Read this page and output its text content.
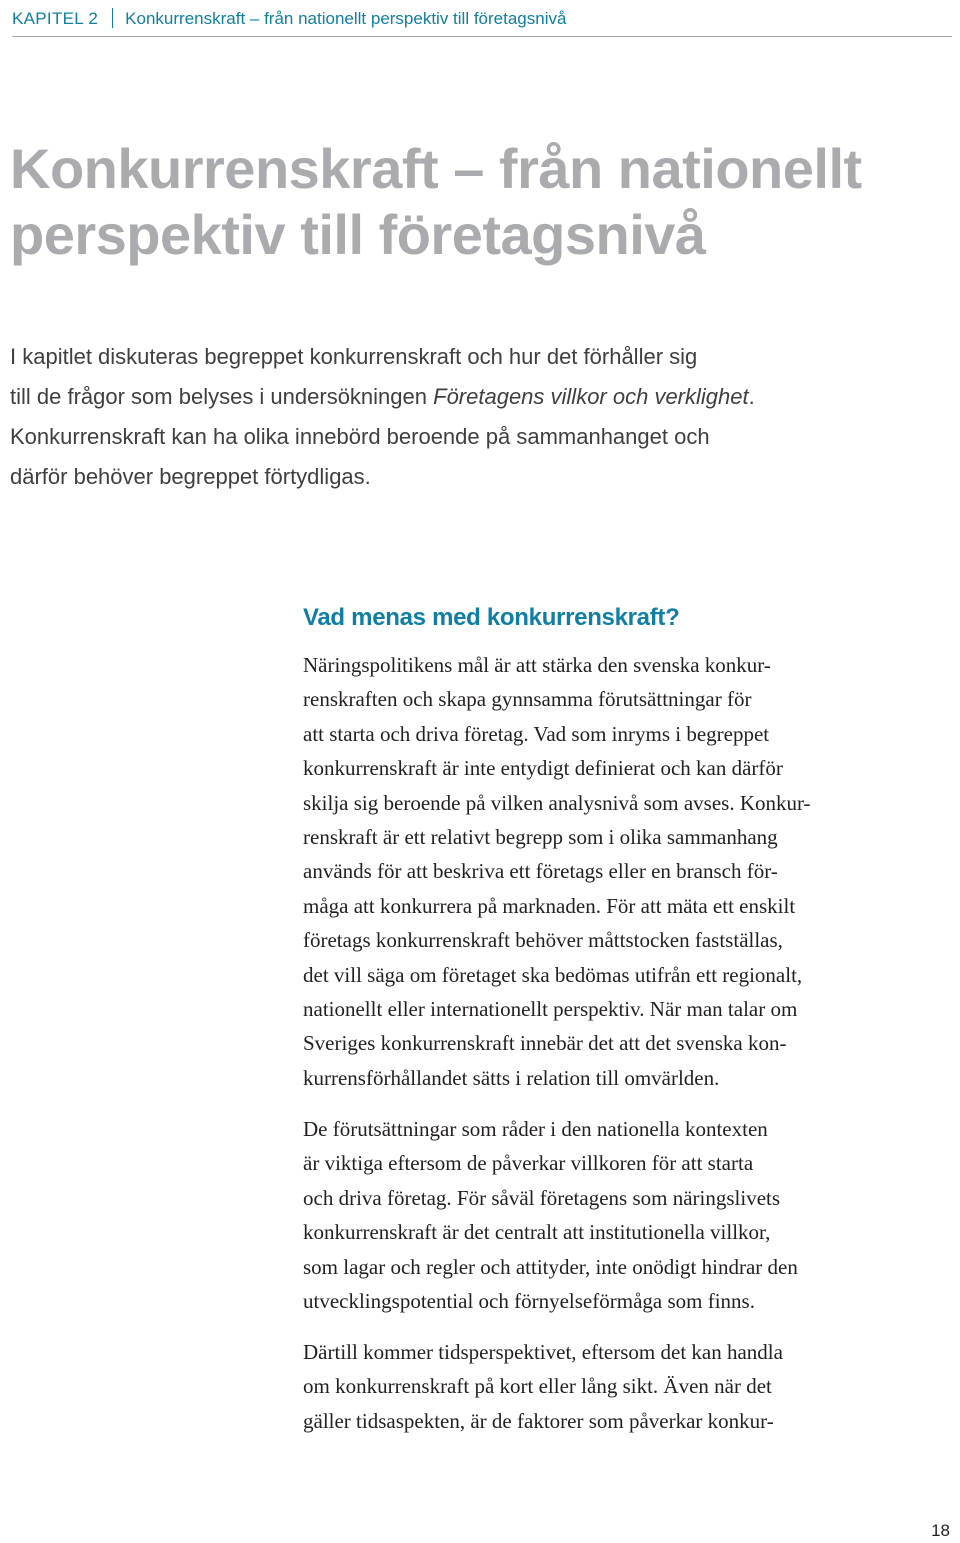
KAPITEL 2 Konkurrenskraft – från nationellt perspektiv till företagsnivå
Konkurrenskraft – från nationellt
perspektiv till företagsnivå

I kapitlet diskuteras begreppet konkurrenskraft och hur det förhåller sig
till de frågor som belyses i undersökningen Företagens villkor och verklighet.
Konkurrenskraft kan ha olika innebörd beroende på sammanhanget och
därför behöver begreppet förtydligas.

Vad menas med konkurrenskraft?

Näringspolitikens mål är att stärka den svenska konkur-
renskraften och skapa gynnsamma förutsättningar för
att starta och driva företag. Vad som inryms i begreppet
konkurrenskraft är inte entydigt definierat och kan därför
skilja sig beroende på vilken analysnivå som avses. Konkur-
renskraft är ett relativt begrepp som i olika sammanhang
används för att beskriva ett företags eller en bransch för-
måga att konkurrera på marknaden. För att mäta ett enskilt
företags konkurrenskraft behöver måttstocken fastställas,
det vill säga om företaget ska bedömas utifrån ett regionalt,
nationellt eller internationellt perspektiv. När man talar om
Sveriges konkurrenskraft innebär det att det svenska kon-
kurrensförhållandet sätts i relation till omvärlden.

De förutsättningar som råder i den nationella kontexten
är viktiga eftersom de påverkar villkoren för att starta
och driva företag. För såväl företagens som näringslivets
konkurrenskraft är det centralt att institutionella villkor,
som lagar och regler och attityder, inte onödigt hindrar den
utvecklingspotential och förnyelseförmåga som finns.

Därtill kommer tidsperspektivet, eftersom det kan handla
om konkurrenskraft på kort eller lång sikt. Även när det
gäller tidsaspekten, är de faktorer som påverkar konkur-

18
